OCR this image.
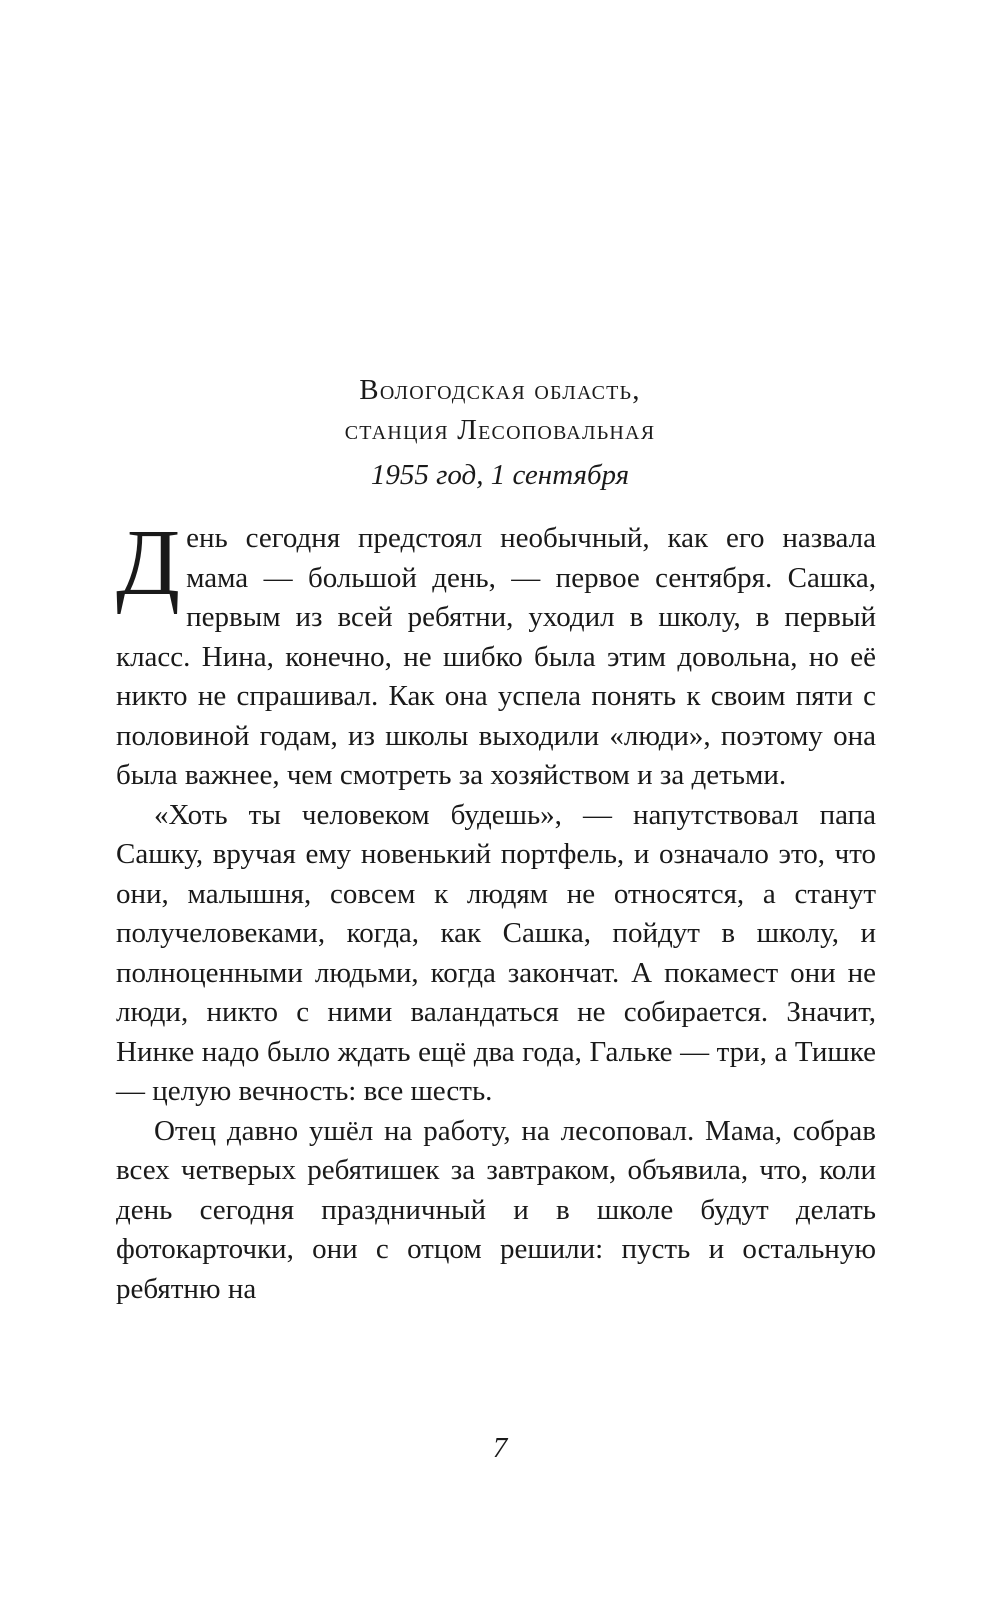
Вологодская область,
станция Лесоповальная
1955 год, 1 сентября

День сегодня предстоял необычный, как его назвала мама — большой день, — первое сентября. Сашка, первым из всей ребятни, уходил в школу, в первый класс. Нина, конечно, не шибко была этим довольна, но её никто не спрашивал. Как она успела понять к своим пяти с половиной годам, из школы выходили «люди», поэтому она была важнее, чем смотреть за хозяйством и за детьми.

«Хоть ты человеком будешь», — напутствовал папа Сашку, вручая ему новенький портфель, и означало это, что они, малышня, совсем к людям не относятся, а станут получеловеками, когда, как Сашка, пойдут в школу, и полноценными людьми, когда закончат. А покамест они не люди, никто с ними валандаться не собирается. Значит, Нинке надо было ждать ещё два года, Гальке — три, а Тишке — целую вечность: все шесть.

Отец давно ушёл на работу, на лесоповал. Мама, собрав всех четверых ребятишек за завтраком, объявила, что, коли день сегодня праздничный и в школе будут делать фотокарточки, они с отцом решили: пусть и остальную ребятню на

7
